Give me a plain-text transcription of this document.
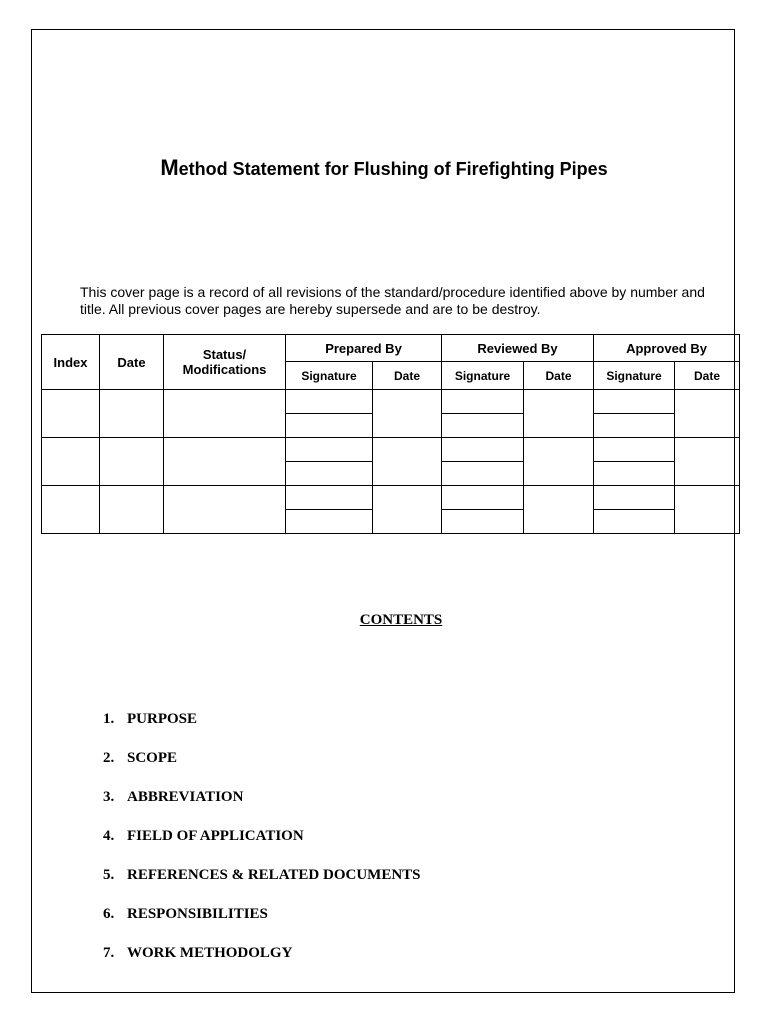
Method Statement for Flushing of Firefighting Pipes
This cover page is a record of all revisions of the standard/procedure identified above by number and title. All previous cover pages are hereby supersede and are to be destroy.
Index	Date	Status/ Modifications	Prepared By		Reviewed By		Approved By	
			Signature	Date	Signature	Date	Signature	Date

CONTENTS
1. PURPOSE
2. SCOPE
3. ABBREVIATION
4. FIELD OF APPLICATION
5. REFERENCES & RELATED DOCUMENTS
6. RESPONSIBILITIES
7. WORK METHODOLGY
